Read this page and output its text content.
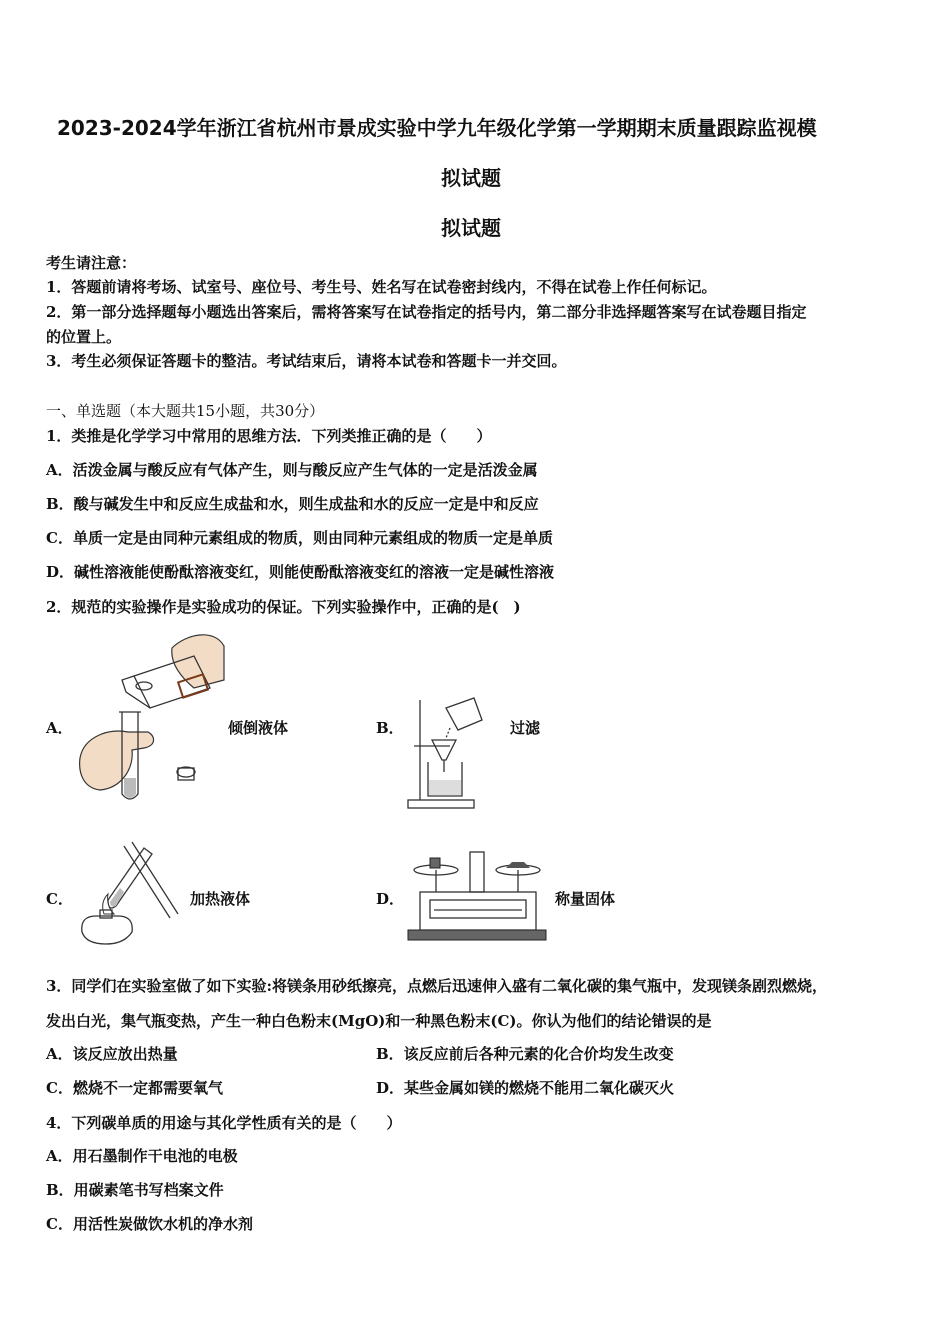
2023-2024学年浙江省杭州市景成实验中学九年级化学第一学期期末质量跟踪监视模
拟试题
拟试题
考生请注意：
1．答题前请将考场、试室号、座位号、考生号、姓名写在试卷密封线内，不得在试卷上作任何标记。
2．第一部分选择题每小题选出答案后，需将答案写在试卷指定的括号内，第二部分非选择题答案写在试卷题目指定
的位置上。
3．考生必须保证答题卡的整洁。考试结束后，请将本试卷和答题卡一并交回。
一、单选题（本大题共15小题，共30分）
1．类推是化学学习中常用的思维方法．下列类推正确的是（　　）
A．活泼金属与酸反应有气体产生，则与酸反应产生气体的一定是活泼金属
B．酸与碱发生中和反应生成盐和水，则生成盐和水的反应一定是中和反应
C．单质一定是由同种元素组成的物质，则由同种元素组成的物质一定是单质
D．碱性溶液能使酚酞溶液变红，则能使酚酞溶液变红的溶液一定是碱性溶液
2．规范的实验操作是实验成功的保证。下列实验操作中，正确的是(　)
A．	倾倒液体	B．	过滤
C．	加热液体	D．	称量固体
3．同学们在实验室做了如下实验:将镁条用砂纸擦亮，点燃后迅速伸入盛有二氧化碳的集气瓶中，发现镁条剧烈燃烧，
发出白光，集气瓶变热，产生一种白色粉末(MgO)和一种黑色粉末(C)。你认为他们的结论错误的是
A．该反应放出热量	B．该反应前后各种元素的化合价均发生改变
C．燃烧不一定都需要氧气	D．某些金属如镁的燃烧不能用二氧化碳灭火
4．下列碳单质的用途与其化学性质有关的是（　　）
A．用石墨制作干电池的电极
B．用碳素笔书写档案文件
C．用活性炭做饮水机的净水剂
